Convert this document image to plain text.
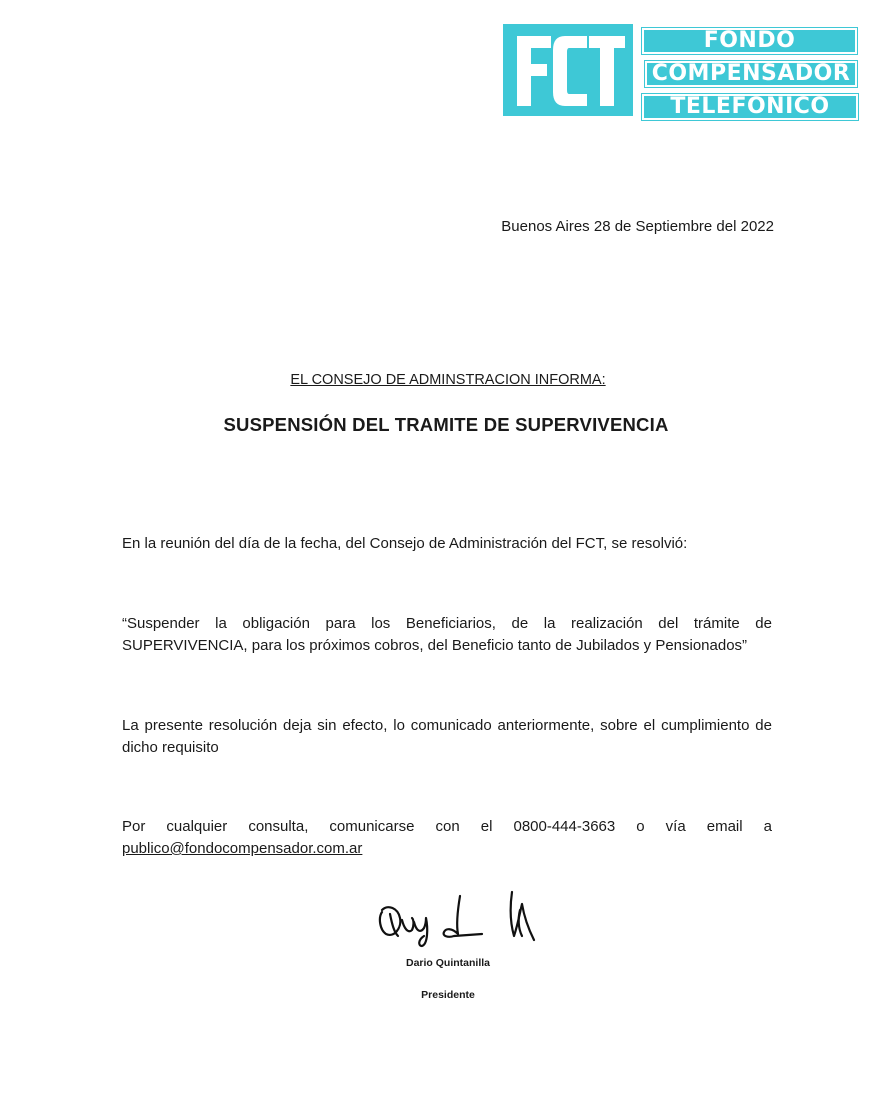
FONDO
COMPENSADOR
TELEFONICO
Buenos Aires 28 de Septiembre del 2022
EL CONSEJO DE ADMINSTRACION INFORMA:
SUSPENSIÓN DEL TRAMITE DE SUPERVIVENCIA
En la reunión del día de la fecha, del Consejo de Administración del FCT, se resolvió:
“Suspender la obligación para los Beneficiarios, de la realización del trámite de SUPERVIVENCIA, para los próximos cobros, del Beneficio tanto de Jubilados y Pensionados”
La presente resolución deja sin efecto, lo comunicado anteriormente, sobre el cumplimiento de dicho requisito
Por cualquier consulta, comunicarse con el 0800-444-3663 o vía email a
publico@fondocompensador.com.ar
Dario Quintanilla
Presidente
